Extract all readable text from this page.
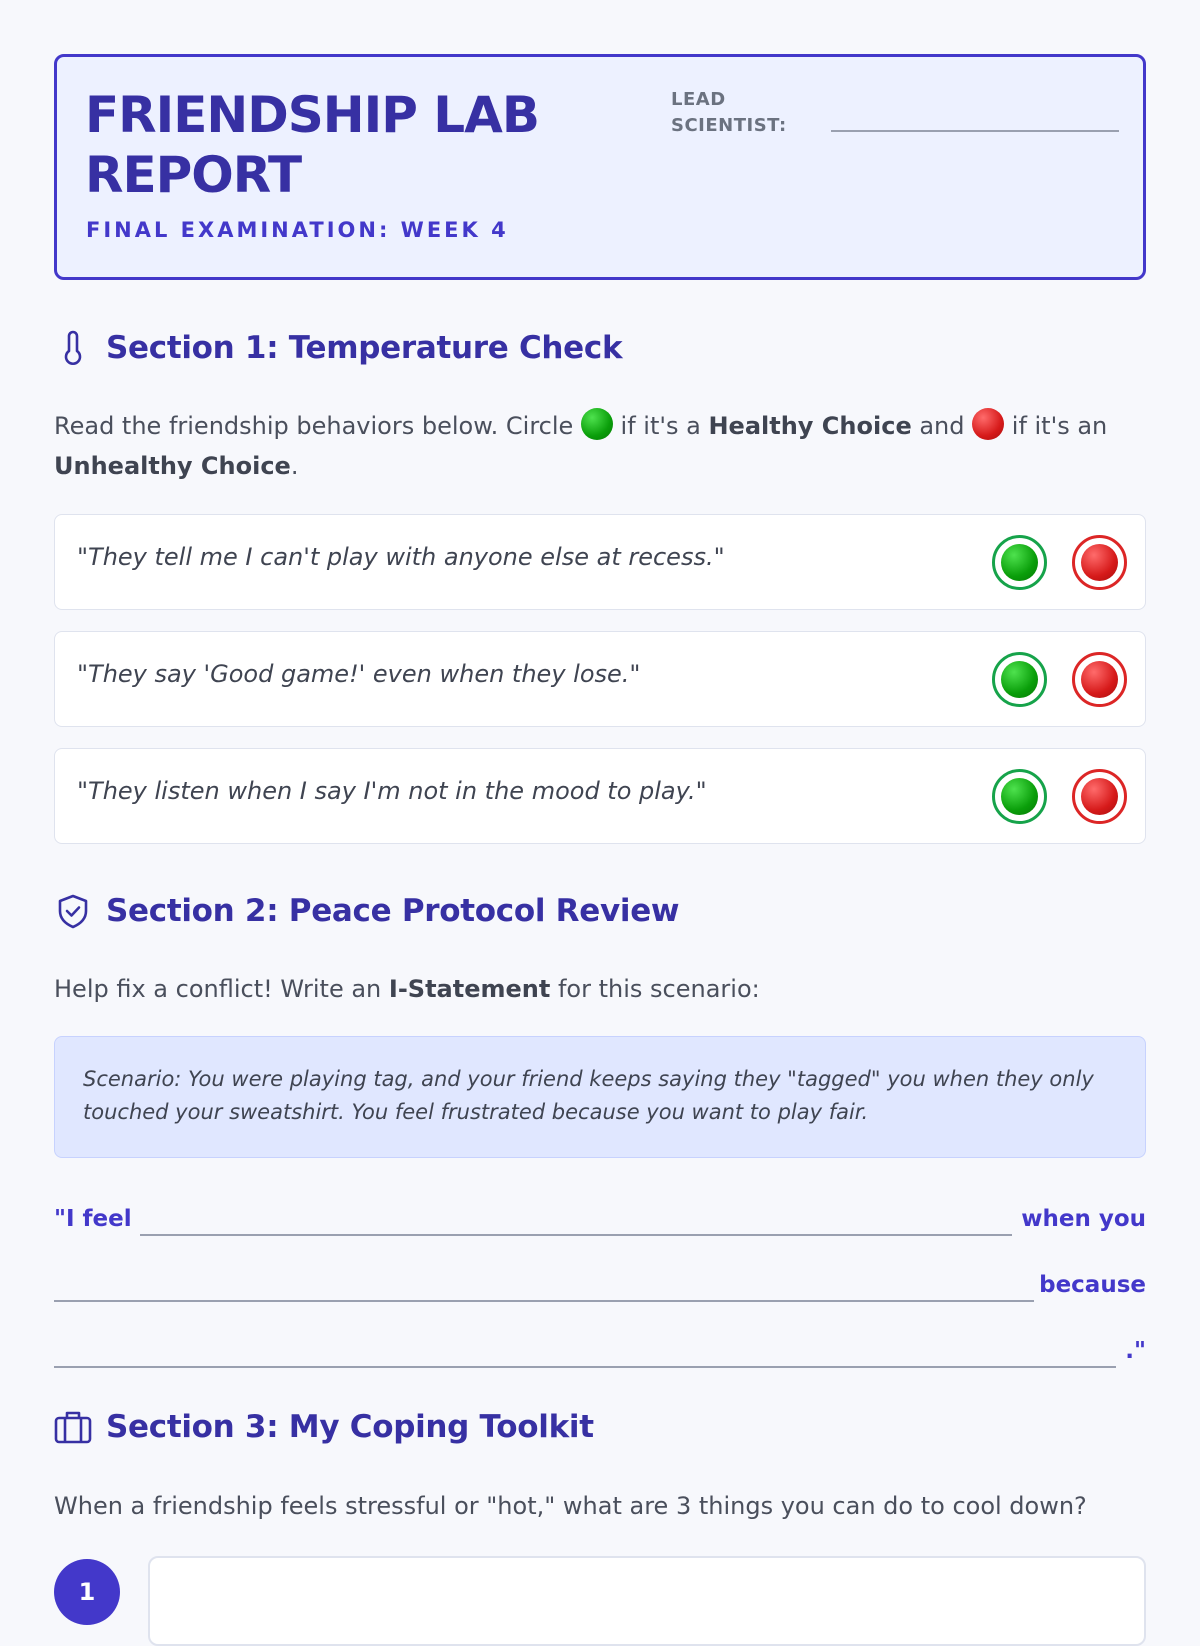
FRIENDSHIP LAB REPORT
FINAL EXAMINATION: WEEK 4
LEAD SCIENTIST:
Section 1: Temperature Check
Read the friendship behaviors below. Circle  if it's a Healthy Choice and  if it's an Unhealthy Choice.
"They tell me I can't play with anyone else at recess."
"They say 'Good game!' even when they lose."
"They listen when I say I'm not in the mood to play."
Section 2: Peace Protocol Review
Help fix a conflict! Write an I-Statement for this scenario:
Scenario: You were playing tag, and your friend keeps saying they "tagged" you when they only touched your sweatshirt. You feel frustrated because you want to play fair.
"I feel	when you
because
."
Section 3: My Coping Toolkit
When a friendship feels stressful or "hot," what are 3 things you can do to cool down?
1
